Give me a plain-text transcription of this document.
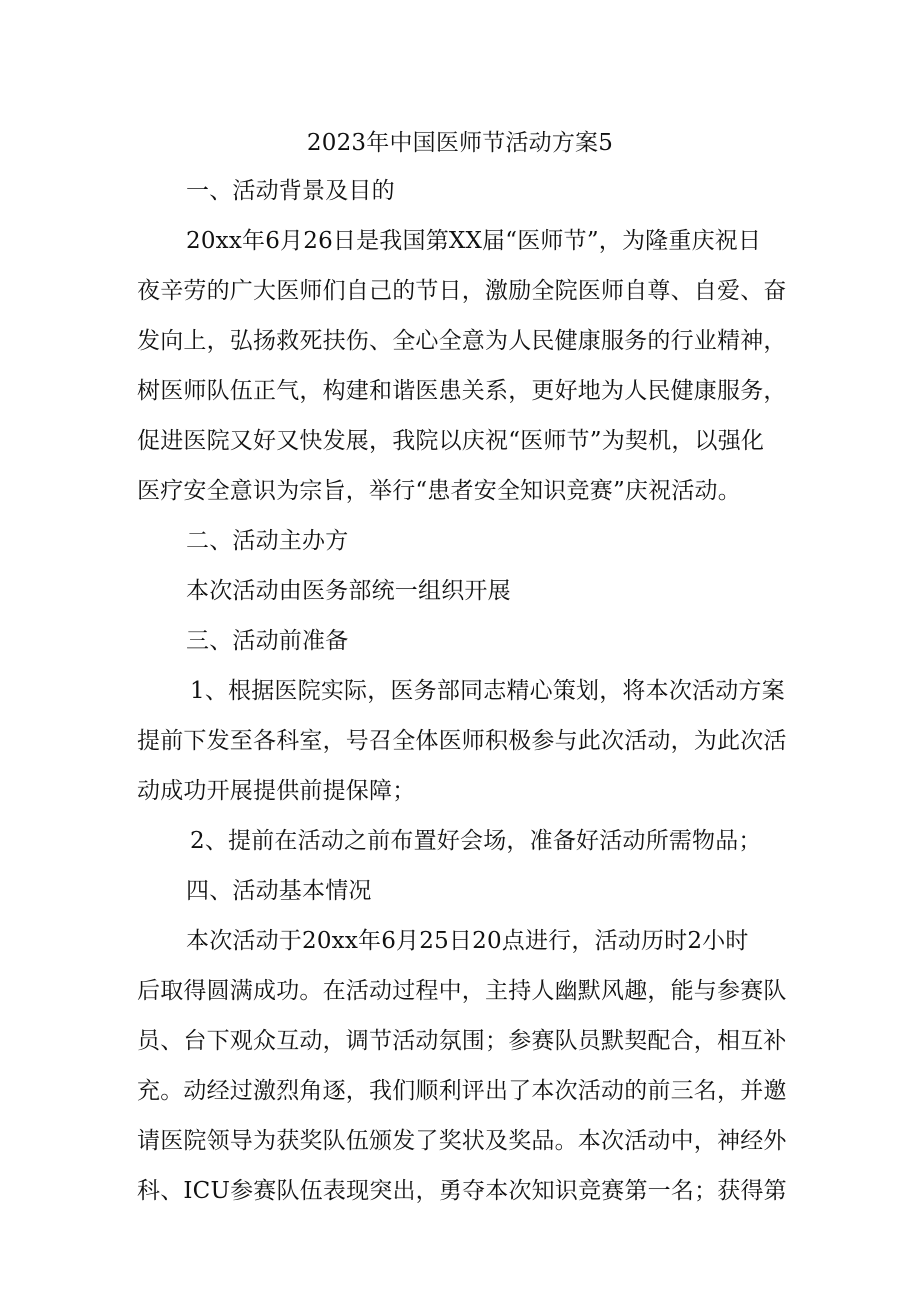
2023年中国医师节活动方案5
一、活动背景及目的
20xx年6月26日是我国第XX届“医师节”，为隆重庆祝日
夜辛劳的广大医师们自己的节日，激励全院医师自尊、自爱、奋
发向上，弘扬救死扶伤、全心全意为人民健康服务的行业精神，
树医师队伍正气，构建和谐医患关系，更好地为人民健康服务，
促进医院又好又快发展，我院以庆祝“医师节”为契机，以强化
医疗安全意识为宗旨，举行“患者安全知识竞赛”庆祝活动。
二、活动主办方
本次活动由医务部统一组织开展
三、活动前准备
1、根据医院实际，医务部同志精心策划，将本次活动方案
提前下发至各科室，号召全体医师积极参与此次活动，为此次活
动成功开展提供前提保障；
2、提前在活动之前布置好会场，准备好活动所需物品；
四、活动基本情况
本次活动于20xx年6月25日20点进行，活动历时2小时
后取得圆满成功。在活动过程中，主持人幽默风趣，能与参赛队
员、台下观众互动，调节活动氛围；参赛队员默契配合，相互补
充。动经过激烈角逐，我们顺利评出了本次活动的前三名，并邀
请医院领导为获奖队伍颁发了奖状及奖品。本次活动中，神经外
科、ICU参赛队伍表现突出，勇夺本次知识竞赛第一名；获得第
